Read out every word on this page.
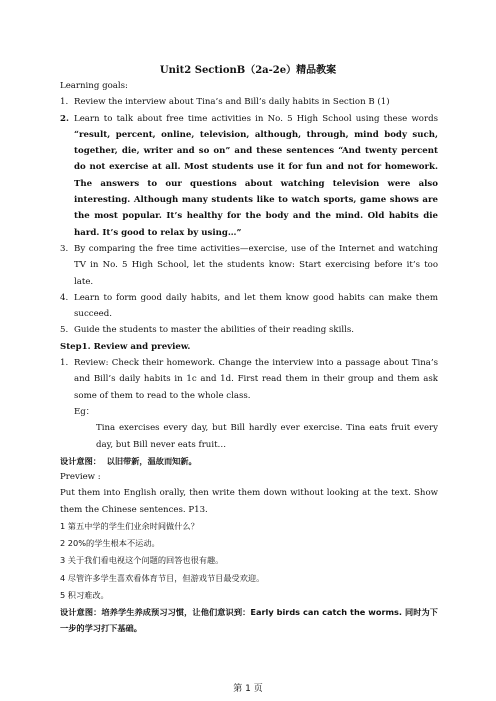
Unit2 SectionB（2a-2e）精品教案

Learning goals:

1. Review the interview about Tina’s and Bill’s daily habits in Section B (1)
2. Learn to talk about free time activities in No. 5 High School using these words “result, percent, online, television, although, through, mind body such, together, die, writer and so on” and these sentences “And twenty percent do not exercise at all. Most students use it for fun and not for homework. The answers to our questions about watching television were also interesting. Although many students like to watch sports, game shows are the most popular. It’s healthy for the body and the mind. Old habits die hard. It’s good to relax by using…”
3. By comparing the free time activities—exercise, use of the Internet and watching TV in No. 5 High School, let the students know: Start exercising before it’s too late.
4. Learn to form good daily habits, and let them know good habits can make them succeed.
5. Guide the students to master the abilities of their reading skills.

Step1. Review and preview.

1. Review: Check their homework. Change the interview into a passage about Tina’s and Bill’s daily habits in 1c and 1d. First read them in their group and them ask some of them to read to the whole class.

Eg：

Tina exercises every day, but Bill hardly ever exercise. Tina eats fruit every day, but Bill never eats fruit…

设计意图： 以旧带新，温故而知新。

Preview :

Put them into English orally, then write them down without looking at the text. Show them the Chinese sentences. P13.

1 第五中学的学生们业余时间做什么？

2 20%的学生根本不运动。

3 关于我们看电视这个问题的回答也很有趣。

4 尽管许多学生喜欢看体育节目，但游戏节目最受欢迎。

5 积习难改。

设计意图：培养学生养成预习习惯，让他们意识到：Early birds can catch the worms. 同时为下一步的学习打下基础。

第 1 页
